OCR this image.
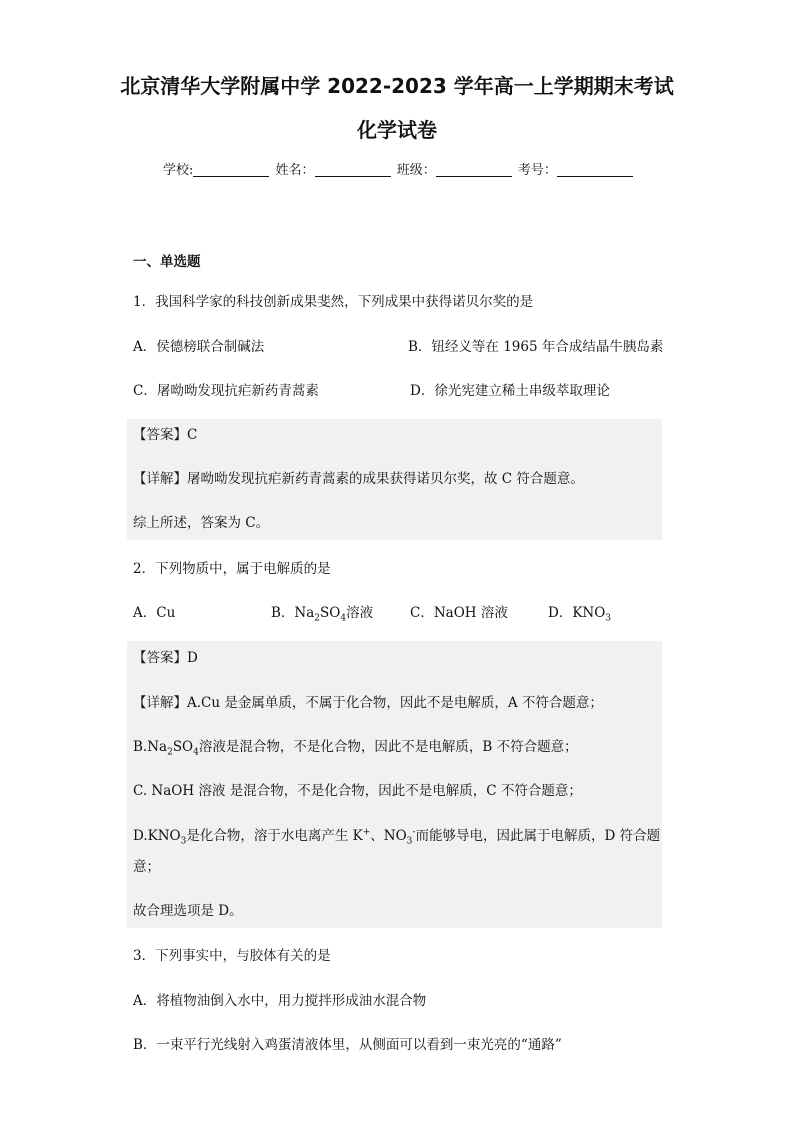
北京清华大学附属中学 2022-2023 学年高一上学期期末考试
化学试卷
学校:	姓名：	班级：	考号：
一、单选题
1．我国科学家的科技创新成果斐然，下列成果中获得诺贝尔奖的是
A．侯德榜联合制碱法	B．钮经义等在 1965 年合成结晶牛胰岛素
C．屠呦呦发现抗疟新药青蒿素	D．徐光宪建立稀土串级萃取理论
【答案】C
【详解】屠呦呦发现抗疟新药青蒿素的成果获得诺贝尔奖，故 C 符合题意。
综上所述，答案为 C。
2．下列物质中，属于电解质的是
A．Cu	B．$Na_2SO_4$溶液	C．NaOH 溶液	D．$KNO_3$
【答案】D
【详解】A.Cu 是金属单质，不属于化合物，因此不是电解质，A 不符合题意；
$B.Na_2SO_4$溶液是混合物，不是化合物，因此不是电解质，B 不符合题意；
C. NaOH 溶液 是混合物，不是化合物，因此不是电解质，C 不符合题意；
$D.KNO_3$是化合物，溶于水电离产生 K+、$NO_3^-$而能够导电，因此属于电解质，D 符合题
意；
故合理选项是 D。
3．下列事实中，与胶体有关的是
A．将植物油倒入水中，用力搅拌形成油水混合物
B．一束平行光线射入鸡蛋清液体里，从侧面可以看到一束光亮的“通路”
